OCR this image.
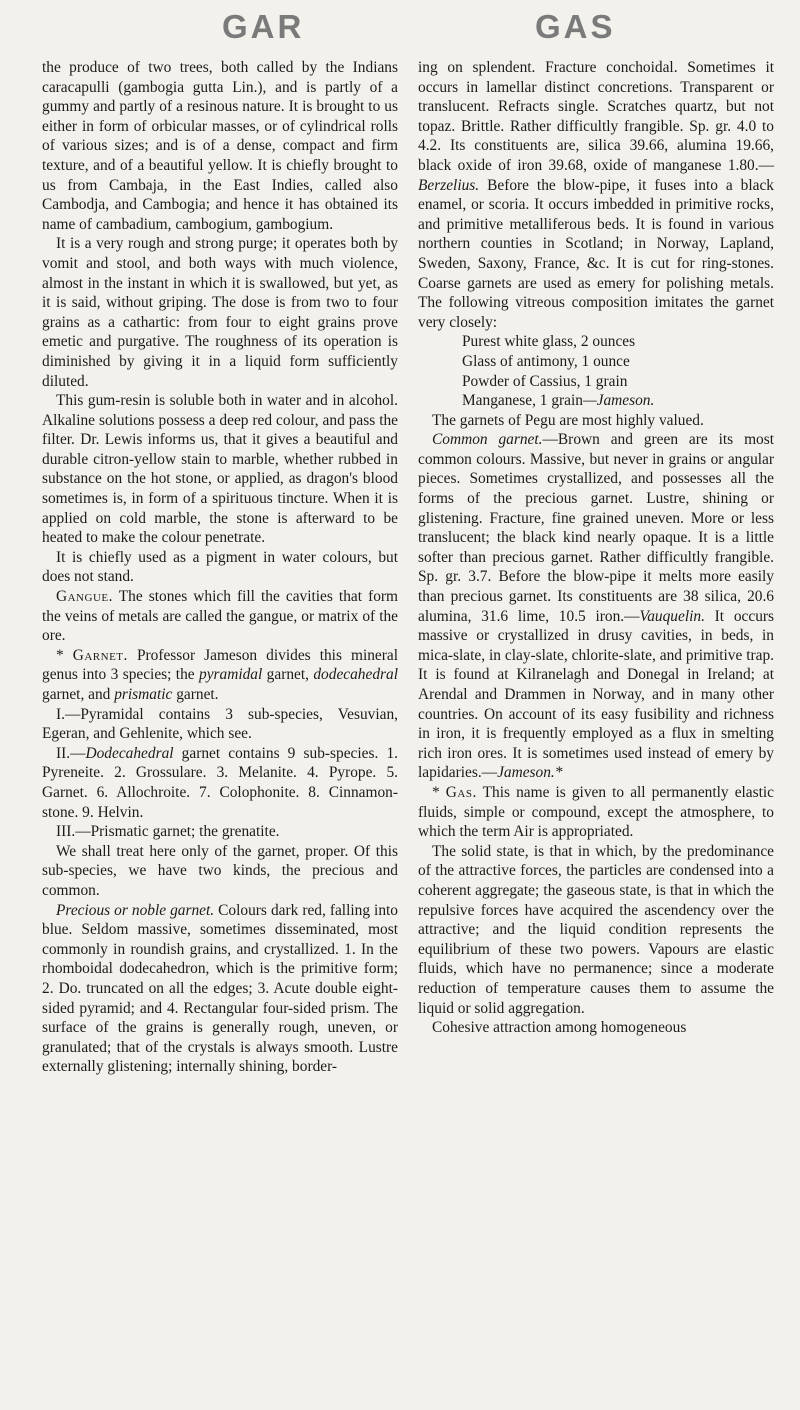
GAR	GAS

the produce of two trees, both called by the Indians caracapulli (gambogia gutta Lin.), and is partly of a gummy and partly of a resinous nature. It is brought to us either in form of orbicular masses, or of cylindrical rolls of various sizes; and is of a dense, compact and firm texture, and of a beautiful yellow. It is chiefly brought to us from Cambaja, in the East Indies, called also Cambodja, and Cambogia; and hence it has obtained its name of cambadium, cambogium, gambogium.

It is a very rough and strong purge; it operates both by vomit and stool, and both ways with much violence, almost in the instant in which it is swallowed, but yet, as it is said, without griping. The dose is from two to four grains as a cathartic: from four to eight grains prove emetic and purgative. The roughness of its operation is diminished by giving it in a liquid form sufficiently diluted.

This gum-resin is soluble both in water and in alcohol. Alkaline solutions possess a deep red colour, and pass the filter. Dr. Lewis informs us, that it gives a beautiful and durable citron-yellow stain to marble, whether rubbed in substance on the hot stone, or applied, as dragon's blood sometimes is, in form of a spirituous tincture. When it is applied on cold marble, the stone is afterward to be heated to make the colour penetrate.

It is chiefly used as a pigment in water colours, but does not stand.

Gangue. The stones which fill the cavities that form the veins of metals are called the gangue, or matrix of the ore.

* Garnet. Professor Jameson divides this mineral genus into 3 species; the pyramidal garnet, dodecahedral garnet, and prismatic garnet.

I.—Pyramidal contains 3 sub-species, Vesuvian, Egeran, and Gehlenite, which see.

II.—Dodecahedral garnet contains 9 sub-species. 1. Pyreneite. 2. Grossulare. 3. Melanite. 4. Pyrope. 5. Garnet. 6. Allochroite. 7. Colophonite. 8. Cinnamon-stone. 9. Helvin.

III.—Prismatic garnet; the grenatite.

We shall treat here only of the garnet, proper. Of this sub-species, we have two kinds, the precious and common.

Precious or noble garnet. Colours dark red, falling into blue. Seldom massive, sometimes disseminated, most commonly in roundish grains, and crystallized. 1. In the rhomboidal dodecahedron, which is the primitive form; 2. Do. truncated on all the edges; 3. Acute double eight-sided pyramid; and 4. Rectangular four-sided prism. The surface of the grains is generally rough, uneven, or granulated; that of the crystals is always smooth. Lustre externally glistening; internally shining, border-

ing on splendent. Fracture conchoidal. Sometimes it occurs in lamellar distinct concretions. Transparent or translucent. Refracts single. Scratches quartz, but not topaz. Brittle. Rather difficultly frangible. Sp. gr. 4.0 to 4.2. Its constituents are, silica 39.66, alumina 19.66, black oxide of iron 39.68, oxide of manganese 1.80.—Berzelius. Before the blow-pipe, it fuses into a black enamel, or scoria. It occurs imbedded in primitive rocks, and primitive metalliferous beds. It is found in various northern counties in Scotland; in Norway, Lapland, Sweden, Saxony, France, &c. It is cut for ring-stones. Coarse garnets are used as emery for polishing metals. The following vitreous composition imitates the garnet very closely:

Purest white glass, 2 ounces

Glass of antimony, 1 ounce

Powder of Cassius, 1 grain

Manganese, 1 grain—Jameson.

The garnets of Pegu are most highly valued.

Common garnet.—Brown and green are its most common colours. Massive, but never in grains or angular pieces. Sometimes crystallized, and possesses all the forms of the precious garnet. Lustre, shining or glistening. Fracture, fine grained uneven. More or less translucent; the black kind nearly opaque. It is a little softer than precious garnet. Rather difficultly frangible. Sp. gr. 3.7. Before the blow-pipe it melts more easily than precious garnet. Its constituents are 38 silica, 20.6 alumina, 31.6 lime, 10.5 iron.—Vauquelin. It occurs massive or crystallized in drusy cavities, in beds, in mica-slate, in clay-slate, chlorite-slate, and primitive trap. It is found at Kilranelagh and Donegal in Ireland; at Arendal and Drammen in Norway, and in many other countries. On account of its easy fusibility and richness in iron, it is frequently employed as a flux in smelting rich iron ores. It is sometimes used instead of emery by lapidaries.—Jameson.*

* Gas. This name is given to all permanently elastic fluids, simple or compound, except the atmosphere, to which the term Air is appropriated.

The solid state, is that in which, by the predominance of the attractive forces, the particles are condensed into a coherent aggregate; the gaseous state, is that in which the repulsive forces have acquired the ascendency over the attractive; and the liquid condition represents the equilibrium of these two powers. Vapours are elastic fluids, which have no permanence; since a moderate reduction of temperature causes them to assume the liquid or solid aggregation.

Cohesive attraction among homogeneous
